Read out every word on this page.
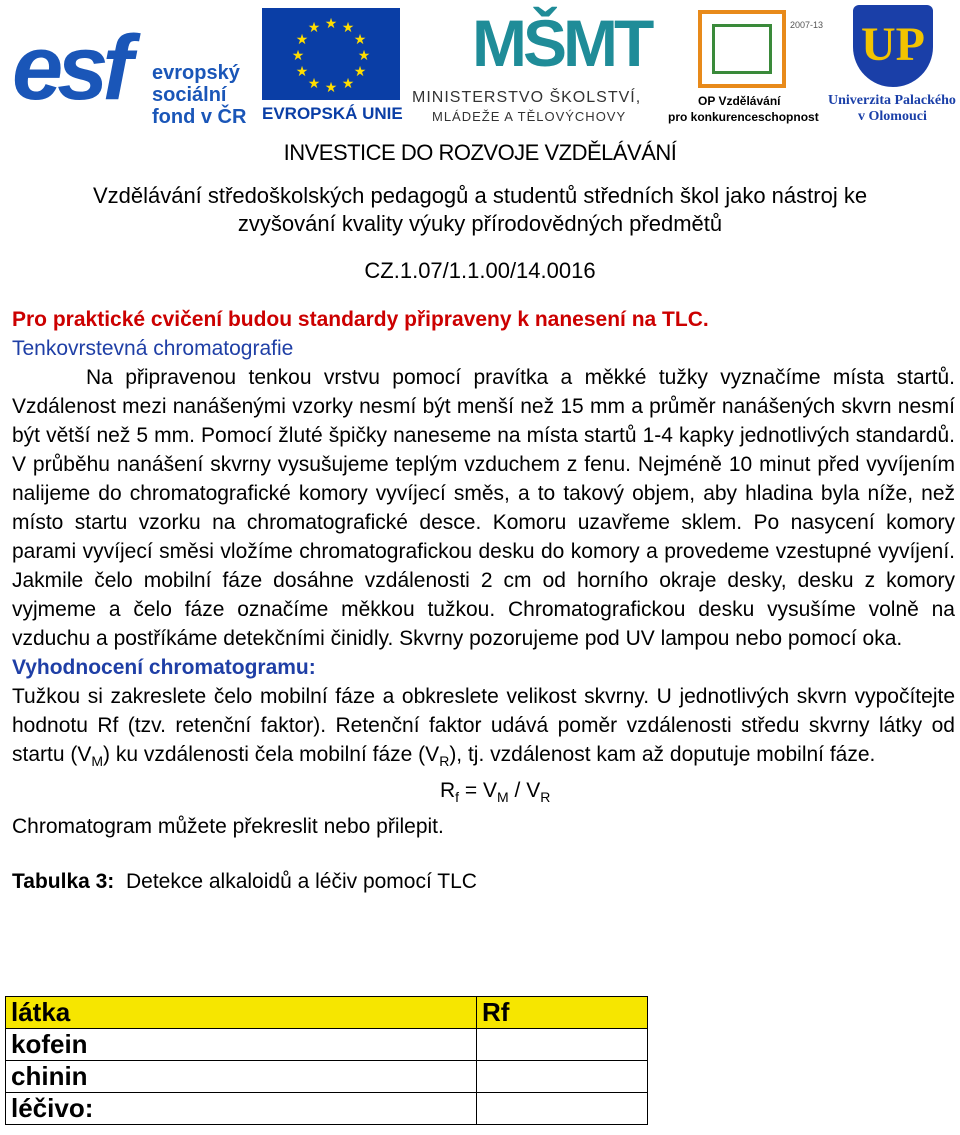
esf evropský
sociální
fond v ČR
★ ★
★
★
★
★
★
★
★
★
★
★
EVROPSKÁ UNIE
MŠMT
MINISTERSTVO ŠKOLSTVÍ,
MLÁDEŽE A TĚLOVÝCHOVY
2007-13
OP Vzdělávání
pro konkurenceschopnost
UP
Univerzita Palackého
v Olomouci
INVESTICE DO ROZVOJE VZDĚLÁVÁNÍ
Vzdělávání středoškolských pedagogů a studentů středních škol jako nástroj ke
zvyšování kvality výuky přírodovědných předmětů
CZ.1.07/1.1.00/14.0016
Pro praktické cvičení budou standardy připraveny k nanesení na TLC.
Tenkovrstevná chromatografie
Na připravenou tenkou vrstvu pomocí pravítka a měkké tužky vyznačíme místa startů. Vzdálenost mezi nanášenými vzorky nesmí být menší než 15 mm a průměr nanášených skvrn nesmí být větší než 5 mm. Pomocí žluté špičky naneseme na místa startů 1-4 kapky jednotlivých standardů. V průběhu nanášení skvrny vysušujeme teplým vzduchem z fenu. Nejméně 10 minut před vyvíjením nalijeme do chromatografické komory vyvíjecí směs, a to takový objem, aby hladina byla níže, než místo startu vzorku na chromatografické desce. Komoru uzavřeme sklem. Po nasycení komory parami vyvíjecí směsi vložíme chromatografickou desku do komory a provedeme vzestupné vyvíjení. Jakmile čelo mobilní fáze dosáhne vzdálenosti 2 cm od horního okraje desky, desku z komory vyjmeme a čelo fáze označíme měkkou tužkou. Chromatografickou desku vysušíme volně na vzduchu a postříkáme detekčními činidly. Skvrny pozorujeme pod UV lampou nebo pomocí oka.
Vyhodnocení chromatogramu:
Tužkou si zakreslete čelo mobilní fáze a obkreslete velikost skvrny. U jednotlivých skvrn vypočítejte hodnotu Rf (tzv. retenční faktor). Retenční faktor udává poměr vzdálenosti středu skvrny látky od startu $(V_M)$ ku vzdálenosti čela mobilní fáze $(V_R)$, tj. vzdálenost kam až doputuje mobilní fáze.
$R_f = V_M / V_R$
Chromatogram můžete překreslit nebo přilepit.
Tabulka 3:  Detekce alkaloidů a léčiv pomocí TLC
látka	Rf
kofein	
chinin	
léčivo:	
